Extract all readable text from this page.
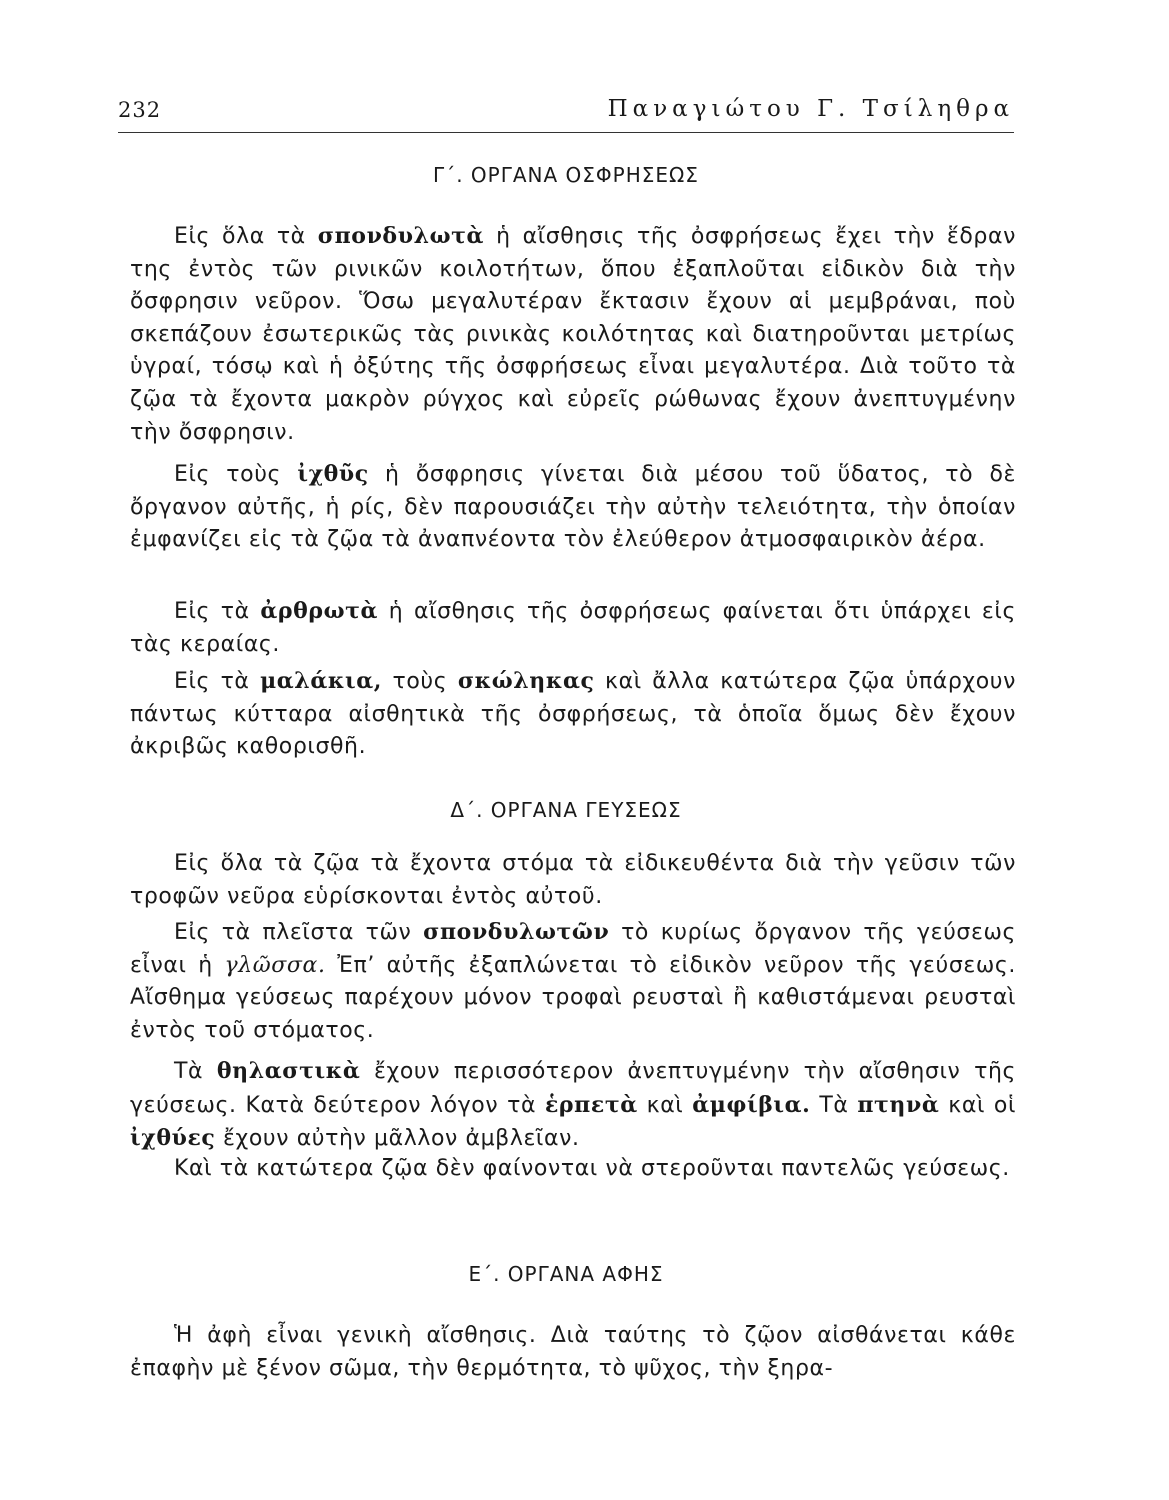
232	Παναγιώτου Γ. Τσίληθρα
Γ΄. ΟΡΓΑΝΑ ΟΣΦΡΗΣΕΩΣ

Εἰς ὅλα τὰ σπονδυλωτὰ ἡ αἴσθησις τῆς ὀσφρήσεως ἔχει τὴν ἕδραν της ἐντὸς τῶν ρινικῶν κοιλοτήτων, ὅπου ἐξαπλοῦται εἰδικὸν διὰ τὴν ὄσφρησιν νεῦρον. Ὅσω μεγαλυτέραν ἔκτασιν ἔχουν αἱ μεμβράναι, ποὺ σκεπάζουν ἐσωτερικῶς τὰς ρινικὰς κοιλότητας καὶ διατηροῦνται μετρίως ὑγραί, τόσῳ καὶ ἡ ὀξύτης τῆς ὀσφρήσεως εἶναι μεγαλυτέρα. Διὰ τοῦτο τὰ ζῷα τὰ ἔχοντα μακρὸν ρύγχος καὶ εὐρεῖς ρώθωνας ἔχουν ἀνεπτυγμένην τὴν ὄσφρησιν.

Εἰς τοὺς ἰχθῦς ἡ ὄσφρησις γίνεται διὰ μέσου τοῦ ὕδατος, τὸ δὲ ὄργανον αὐτῆς, ἡ ρίς, δὲν παρουσιάζει τὴν αὐτὴν τελειότητα, τὴν ὁποίαν ἐμφανίζει εἰς τὰ ζῷα τὰ ἀναπνέοντα τὸν ἐλεύθερον ἀτμοσφαιρικὸν ἀέρα.

Εἰς τὰ ἀρθρωτὰ ἡ αἴσθησις τῆς ὀσφρήσεως φαίνεται ὅτι ὑπάρχει εἰς τὰς κεραίας.

Εἰς τὰ μαλάκια, τοὺς σκώληκας καὶ ἄλλα κατώτερα ζῷα ὑπάρχουν πάντως κύτταρα αἰσθητικὰ τῆς ὀσφρήσεως, τὰ ὁποῖα ὅμως δὲν ἔχουν ἀκριβῶς καθορισθῆ.

Δ΄. ΟΡΓΑΝΑ ΓΕΥΣΕΩΣ

Εἰς ὅλα τὰ ζῷα τὰ ἔχοντα στόμα τὰ εἰδικευθέντα διὰ τὴν γεῦσιν τῶν τροφῶν νεῦρα εὑρίσκονται ἐντὸς αὐτοῦ.

Εἰς τὰ πλεῖστα τῶν σπονδυλωτῶν τὸ κυρίως ὄργανον τῆς γεύσεως εἶναι ἡ γλῶσσα. Ἐπ’ αὐτῆς ἐξαπλώνεται τὸ εἰδικὸν νεῦρον τῆς γεύσεως. Αἴσθημα γεύσεως παρέχουν μόνον τροφαὶ ρευσταὶ ἢ καθιστάμεναι ρευσταὶ ἐντὸς τοῦ στόματος.

Τὰ θηλαστικὰ ἔχουν περισσότερον ἀνεπτυγμένην τὴν αἴσθησιν τῆς γεύσεως. Κατὰ δεύτερον λόγον τὰ ἑρπετὰ καὶ ἀμφίβια. Τὰ πτηνὰ καὶ οἱ ἰχθύες ἔχουν αὐτὴν μᾶλλον ἀμβλεῖαν.

Καὶ τὰ κατώτερα ζῷα δὲν φαίνονται νὰ στεροῦνται παντελῶς γεύσεως.

Ε΄. ΟΡΓΑΝΑ ΑΦΗΣ

Ἡ ἀφὴ εἶναι γενικὴ αἴσθησις. Διὰ ταύτης τὸ ζῷον αἰσθάνεται κάθε ἐπαφὴν μὲ ξένον σῶμα, τὴν θερμότητα, τὸ ψῦχος, τὴν ξηρα-
